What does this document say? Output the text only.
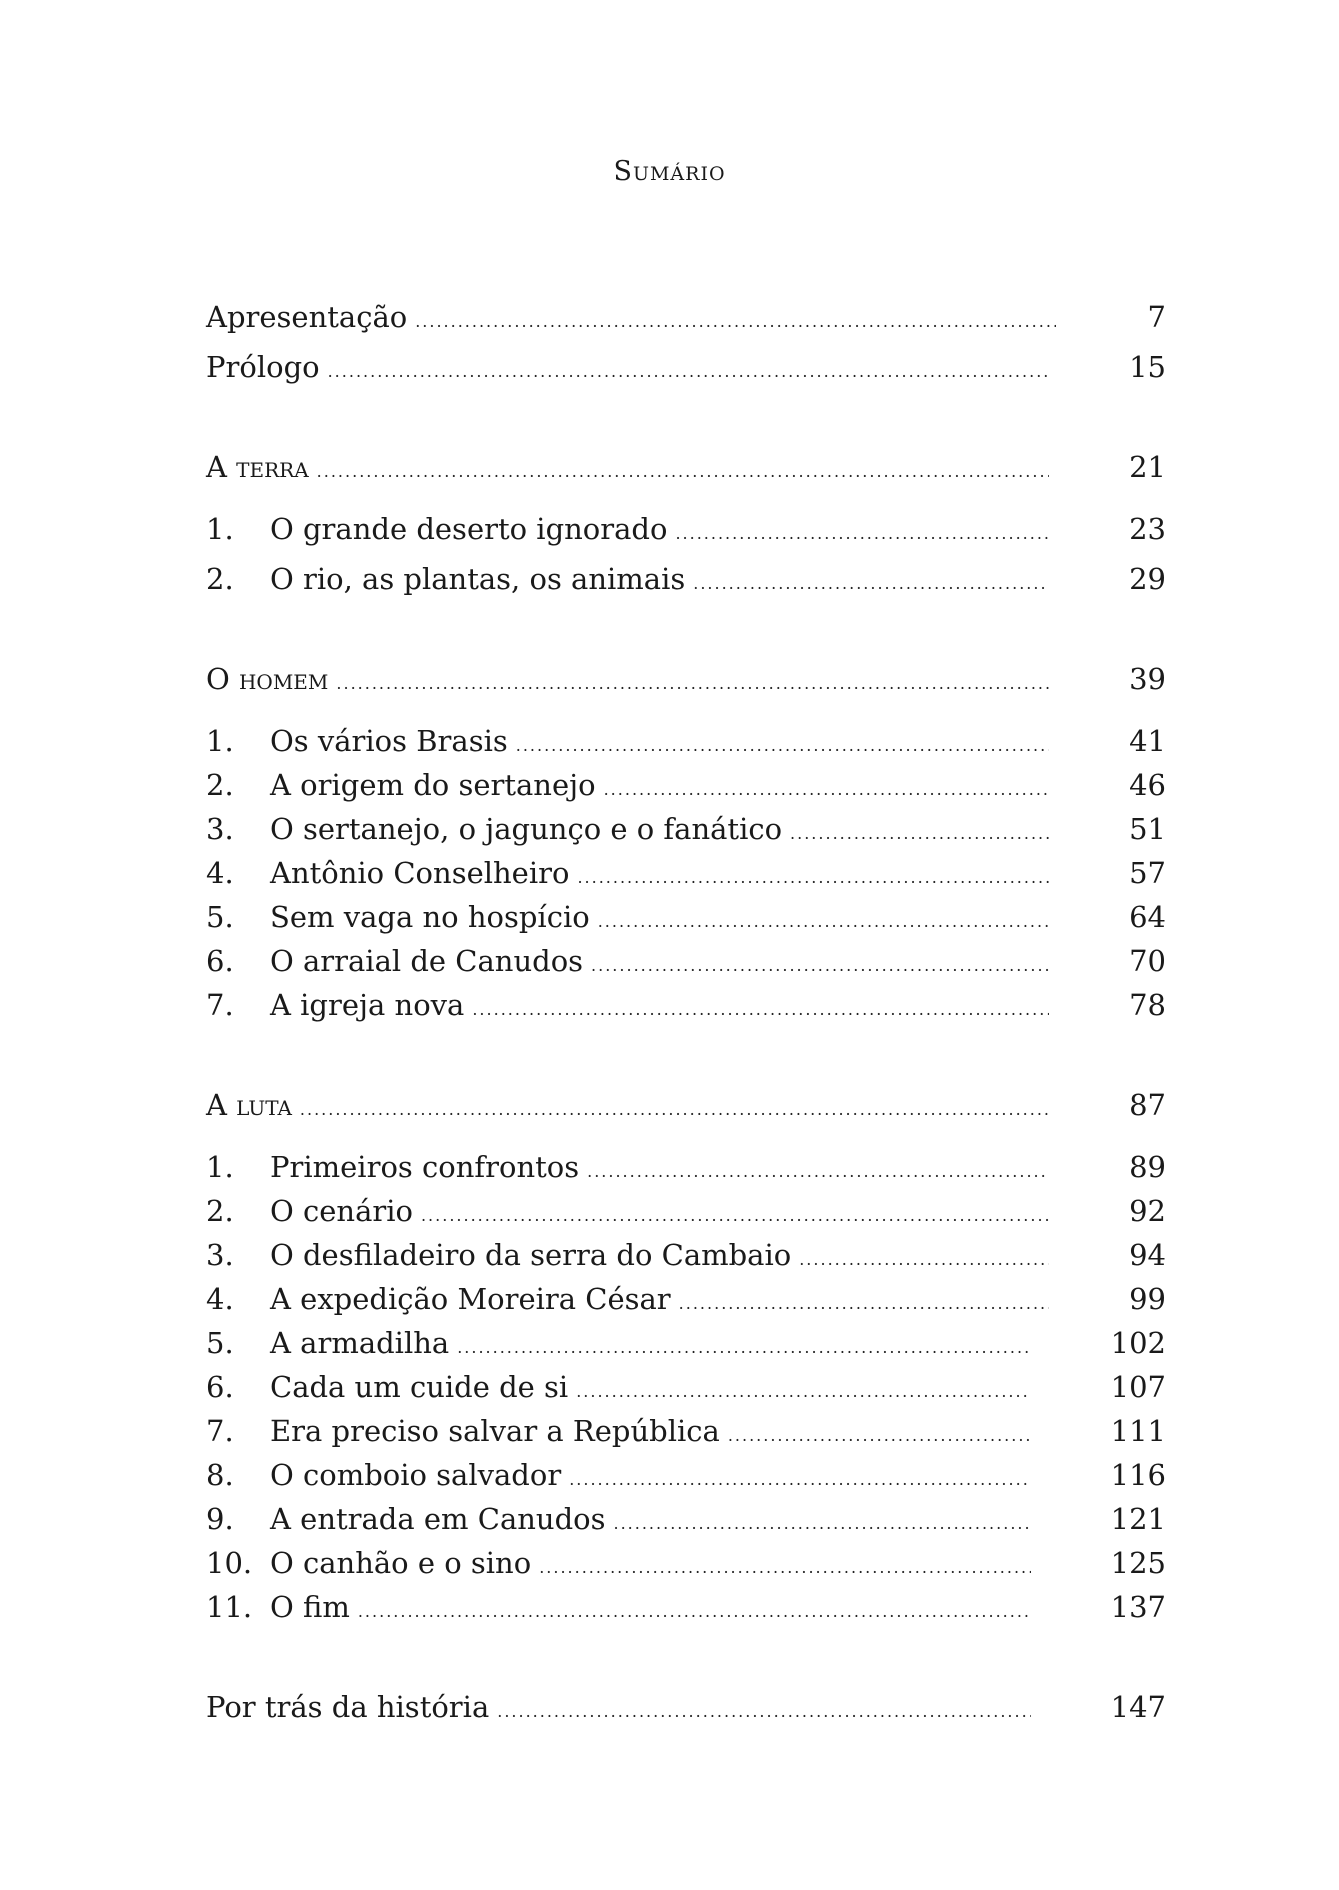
Sumário
Apresentação .....	7
Prólogo .....	15
A terra .....	21
1.	O grande deserto ignorado .....	23
2.	O rio, as plantas, os animais .....	29
O homem .....	39
1.	Os vários Brasis .....	41
2.	A origem do sertanejo .....	46
3.	O sertanejo, o jagunço e o fanático .....	51
4.	Antônio Conselheiro .....	57
5.	Sem vaga no hospício .....	64
6.	O arraial de Canudos .....	70
7.	A igreja nova .....	78
A luta .....	87
1.	Primeiros confrontos .....	89
2.	O cenário .....	92
3.	O desfiladeiro da serra do Cambaio .....	94
4.	A expedição Moreira César .....	99
5.	A armadilha .....	102
6.	Cada um cuide de si .....	107
7.	Era preciso salvar a República .....	111
8.	O comboio salvador .....	116
9.	A entrada em Canudos .....	121
10. O canhão e o sino .....	125
11. O fim .....	137
Por trás da história .....	147
